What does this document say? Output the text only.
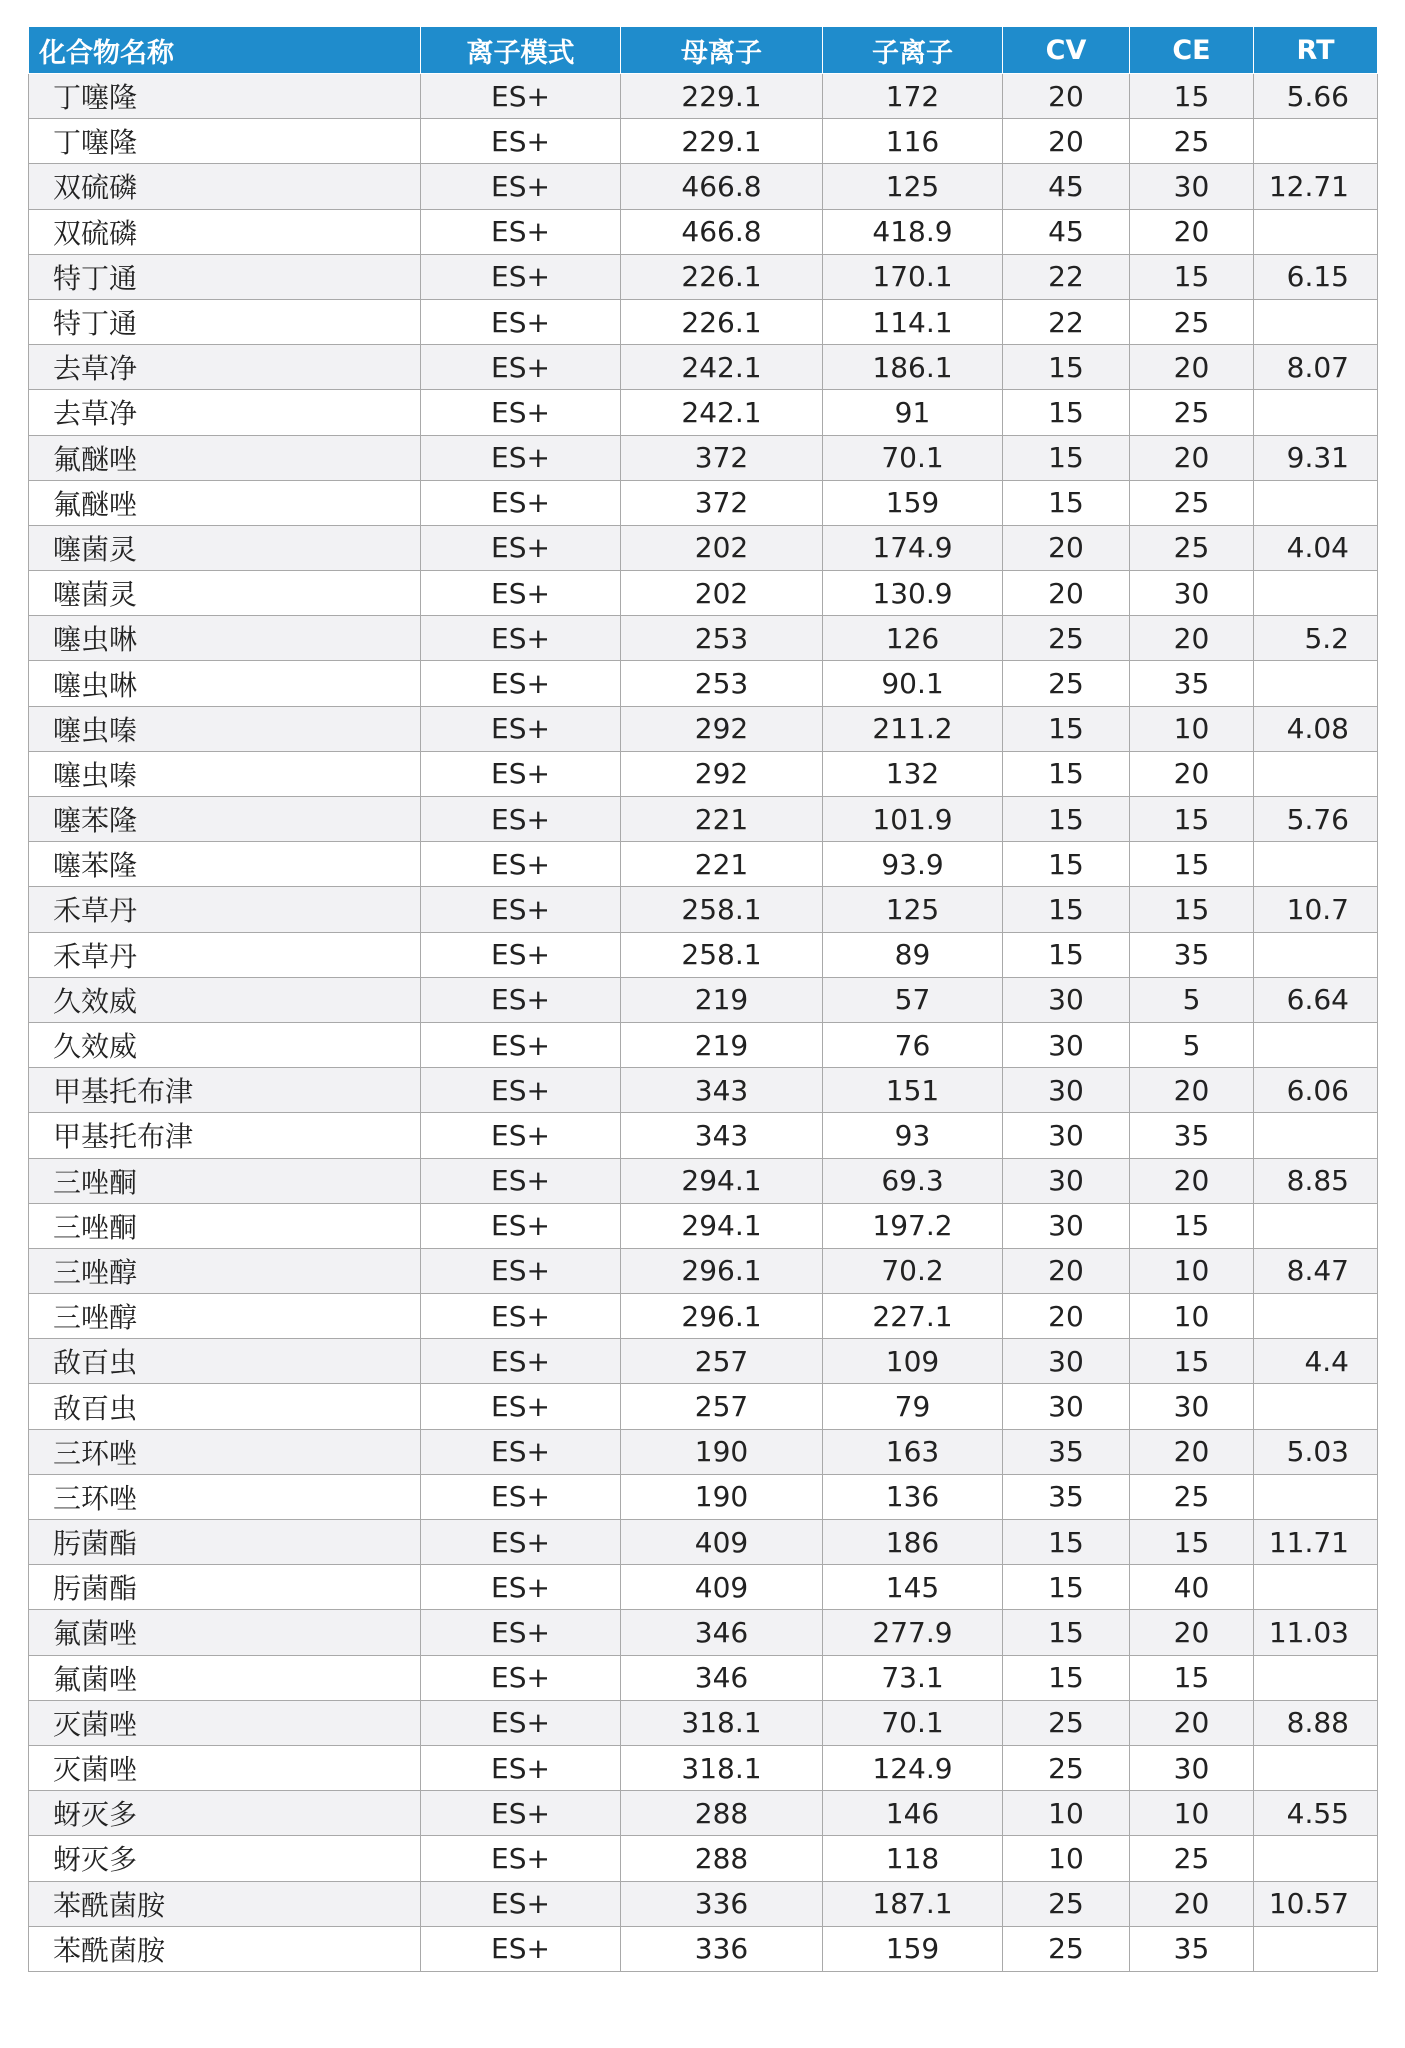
化合物名称	离子模式	母离子	子离子	CV	CE	RT
丁噻隆	ES+	229.1	172	20	15	5.66
丁噻隆	ES+	229.1	116	20	25	
双硫磷	ES+	466.8	125	45	30	12.71
双硫磷	ES+	466.8	418.9	45	20	
特丁通	ES+	226.1	170.1	22	15	6.15
特丁通	ES+	226.1	114.1	22	25	
去草净	ES+	242.1	186.1	15	20	8.07
去草净	ES+	242.1	91	15	25	
氟醚唑	ES+	372	70.1	15	20	9.31
氟醚唑	ES+	372	159	15	25	
噻菌灵	ES+	202	174.9	20	25	4.04
噻菌灵	ES+	202	130.9	20	30	
噻虫啉	ES+	253	126	25	20	5.2
噻虫啉	ES+	253	90.1	25	35	
噻虫嗪	ES+	292	211.2	15	10	4.08
噻虫嗪	ES+	292	132	15	20	
噻苯隆	ES+	221	101.9	15	15	5.76
噻苯隆	ES+	221	93.9	15	15	
禾草丹	ES+	258.1	125	15	15	10.7
禾草丹	ES+	258.1	89	15	35	
久效威	ES+	219	57	30	5	6.64
久效威	ES+	219	76	30	5	
甲基托布津	ES+	343	151	30	20	6.06
甲基托布津	ES+	343	93	30	35	
三唑酮	ES+	294.1	69.3	30	20	8.85
三唑酮	ES+	294.1	197.2	30	15	
三唑醇	ES+	296.1	70.2	20	10	8.47
三唑醇	ES+	296.1	227.1	20	10	
敌百虫	ES+	257	109	30	15	4.4
敌百虫	ES+	257	79	30	30	
三环唑	ES+	190	163	35	20	5.03
三环唑	ES+	190	136	35	25	
肟菌酯	ES+	409	186	15	15	11.71
肟菌酯	ES+	409	145	15	40	
氟菌唑	ES+	346	277.9	15	20	11.03
氟菌唑	ES+	346	73.1	15	15	
灭菌唑	ES+	318.1	70.1	25	20	8.88
灭菌唑	ES+	318.1	124.9	25	30	
蚜灭多	ES+	288	146	10	10	4.55
蚜灭多	ES+	288	118	10	25	
苯酰菌胺	ES+	336	187.1	25	20	10.57
苯酰菌胺	ES+	336	159	25	35	
